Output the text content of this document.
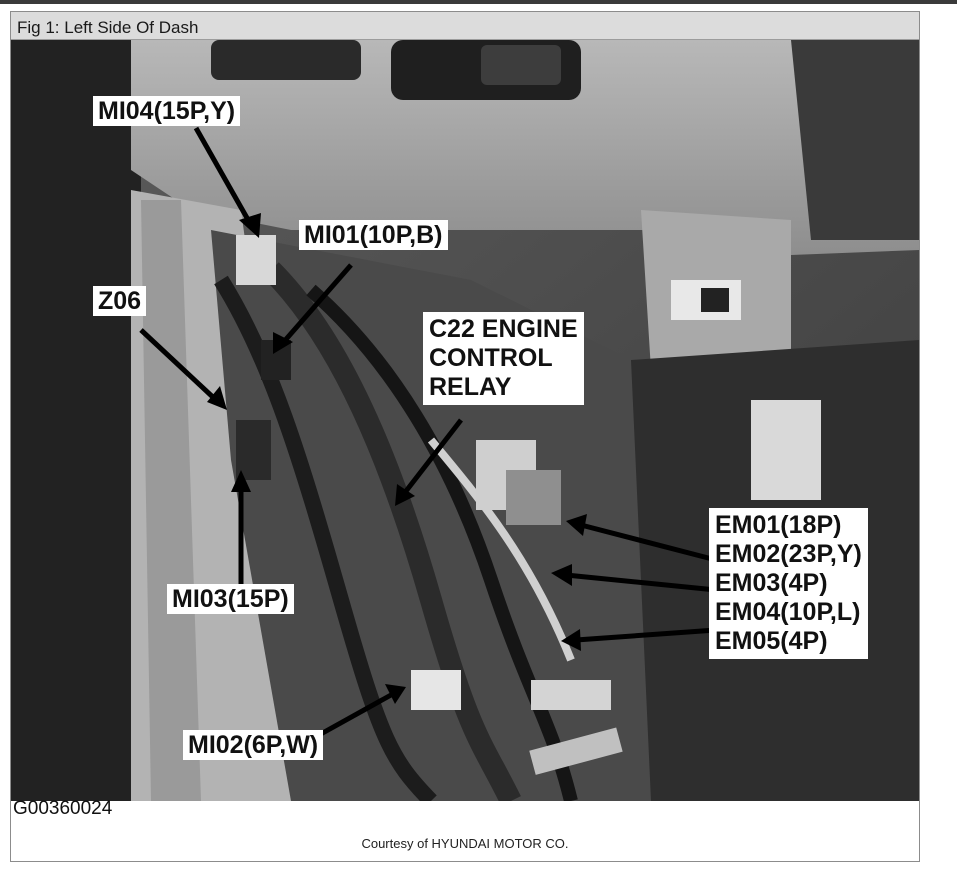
Fig 1: Left Side Of Dash
MI04(15P,Y)
MI01(10P,B)
Z06
C22 ENGINE
CONTROL
RELAY
MI03(15P)
MI02(6P,W)
EM01(18P)
EM02(23P,Y)
EM03(4P)
EM04(10P,L)
EM05(4P)
G00360024
Courtesy of HYUNDAI MOTOR CO.
